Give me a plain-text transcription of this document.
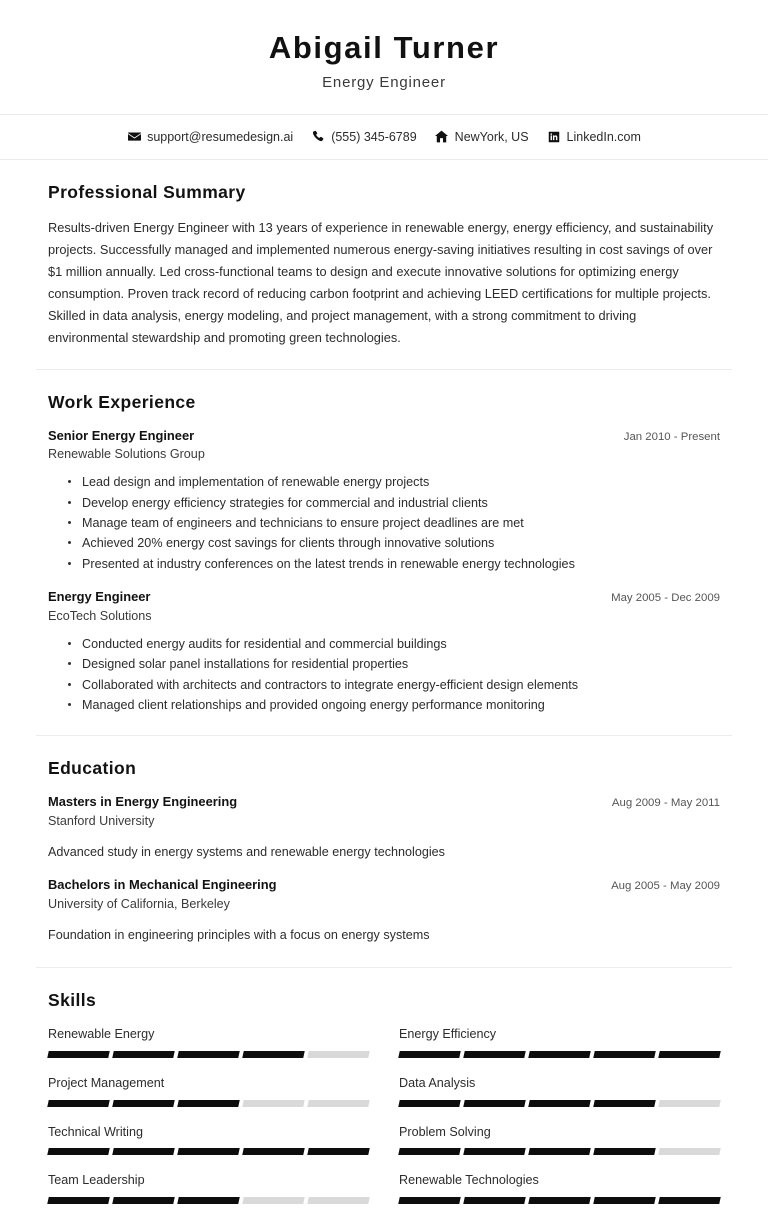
Abigail Turner
Energy Engineer
support@resumedesign.ai	(555) 345-6789	NewYork, US	LinkedIn.com
Professional Summary

Results-driven Energy Engineer with 13 years of experience in renewable energy, energy efficiency, and sustainability projects. Successfully managed and implemented numerous energy-saving initiatives resulting in cost savings of over $1 million annually. Led cross-functional teams to design and execute innovative solutions for optimizing energy consumption. Proven track record of reducing carbon footprint and achieving LEED certifications for multiple projects. Skilled in data analysis, energy modeling, and project management, with a strong commitment to driving environmental stewardship and promoting green technologies.

Work Experience
Senior Energy Engineer	Jan 2010 - Present
Renewable Solutions Group
Lead design and implementation of renewable energy projects
Develop energy efficiency strategies for commercial and industrial clients
Manage team of engineers and technicians to ensure project deadlines are met
Achieved 20% energy cost savings for clients through innovative solutions
Presented at industry conferences on the latest trends in renewable energy technologies
Energy Engineer	May 2005 - Dec 2009
EcoTech Solutions
Conducted energy audits for residential and commercial buildings
Designed solar panel installations for residential properties
Collaborated with architects and contractors to integrate energy-efficient design elements
Managed client relationships and provided ongoing energy performance monitoring
Education
Masters in Energy Engineering	Aug 2009 - May 2011
Stanford University

Advanced study in energy systems and renewable energy technologies

Bachelors in Mechanical Engineering	Aug 2005 - May 2009
University of California, Berkeley

Foundation in engineering principles with a focus on energy systems

Skills
Renewable Energy	Energy Efficiency
Project Management	Data Analysis
Technical Writing	Problem Solving
Team Leadership	Renewable Technologies
